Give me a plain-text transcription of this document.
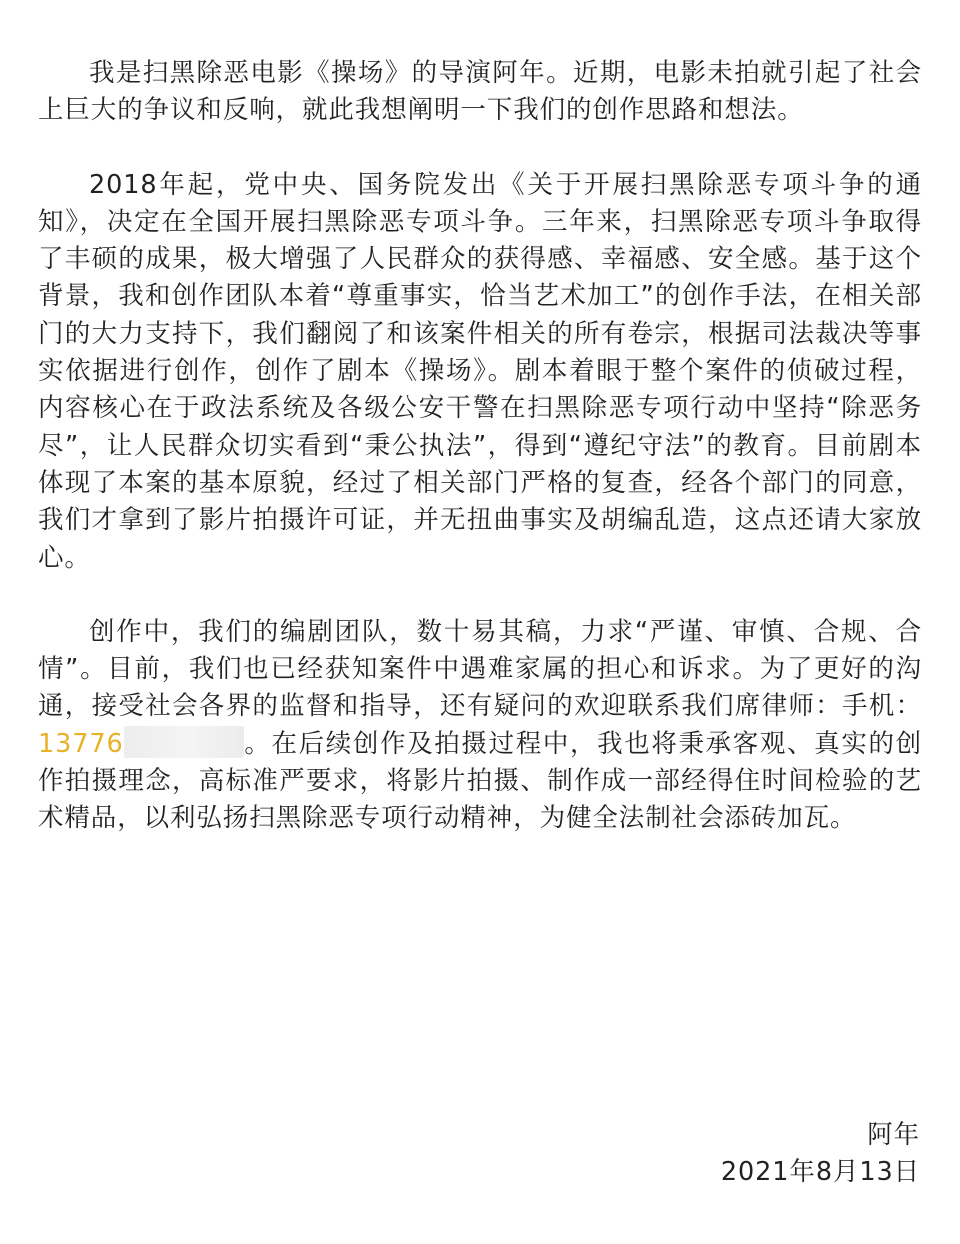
我是扫黑除恶电影《操场》的导演阿年。近期，电影未拍就引起了社会上巨大的争议和反响，就此我想阐明一下我们的创作思路和想法。

2018年起，党中央、国务院发出《关于开展扫黑除恶专项斗争的通知》，决定在全国开展扫黑除恶专项斗争。三年来，扫黑除恶专项斗争取得了丰硕的成果，极大增强了人民群众的获得感、幸福感、安全感。基于这个背景，我和创作团队本着“尊重事实，恰当艺术加工”的创作手法，在相关部门的大力支持下，我们翻阅了和该案件相关的所有卷宗，根据司法裁决等事实依据进行创作，创作了剧本《操场》。剧本着眼于整个案件的侦破过程，内容核心在于政法系统及各级公安干警在扫黑除恶专项行动中坚持“除恶务尽”，让人民群众切实看到“秉公执法”，得到“遵纪守法”的教育。目前剧本体现了本案的基本原貌，经过了相关部门严格的复查，经各个部门的同意，我们才拿到了影片拍摄许可证，并无扭曲事实及胡编乱造，这点还请大家放心。

创作中，我们的编剧团队，数十易其稿，力求“严谨、审慎、合规、合情”。目前，我们也已经获知案件中遇难家属的担心和诉求。为了更好的沟通，接受社会各界的监督和指导，还有疑问的欢迎联系我们席律师：手机：13776	。在后续创作及拍摄过程中，我也将秉承客观、真实的创作拍摄理念，高标准严要求，将影片拍摄、制作成一部经得住时间检验的艺术精品，以利弘扬扫黑除恶专项行动精神，为健全法制社会添砖加瓦。

阿年
2021年8月13日
